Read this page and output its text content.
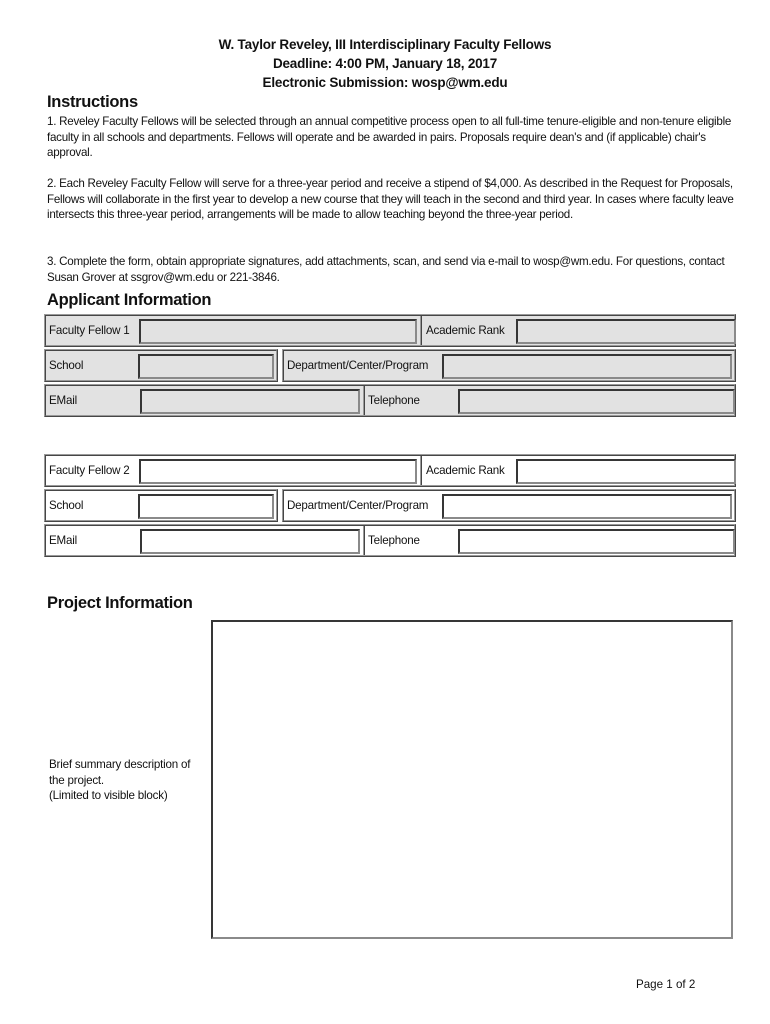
W. Taylor Reveley, III Interdisciplinary Faculty Fellows
Deadline: 4:00 PM, January 18, 2017
Electronic Submission: wosp@wm.edu
Instructions
1. Reveley Faculty Fellows will be selected through an annual competitive process open to all full-time tenure-eligible and non-tenure eligible faculty in all schools and departments. Fellows will operate and be awarded in pairs. Proposals require dean's and (if applicable) chair's approval.
2. Each Reveley Faculty Fellow will serve for a three-year period and receive a stipend of $4,000. As described in the Request for Proposals, Fellows will collaborate in the first year to develop a new course that they will teach in the second and third year. In cases where faculty leave intersects this three-year period, arrangements will be made to allow teaching beyond the three-year period.
3. Complete the form, obtain appropriate signatures, add attachments, scan, and send via e-mail to wosp@wm.edu. For questions, contact Susan Grover at ssgrov@wm.edu or 221-3846.
Applicant Information
Faculty Fellow 1	Academic Rank
School	Department/Center/Program
EMail	Telephone
Faculty Fellow 2	Academic Rank
School	Department/Center/Program
EMail	Telephone
Project Information
Brief summary description of
the project.
(Limited to visible block)
Page 1 of 2
